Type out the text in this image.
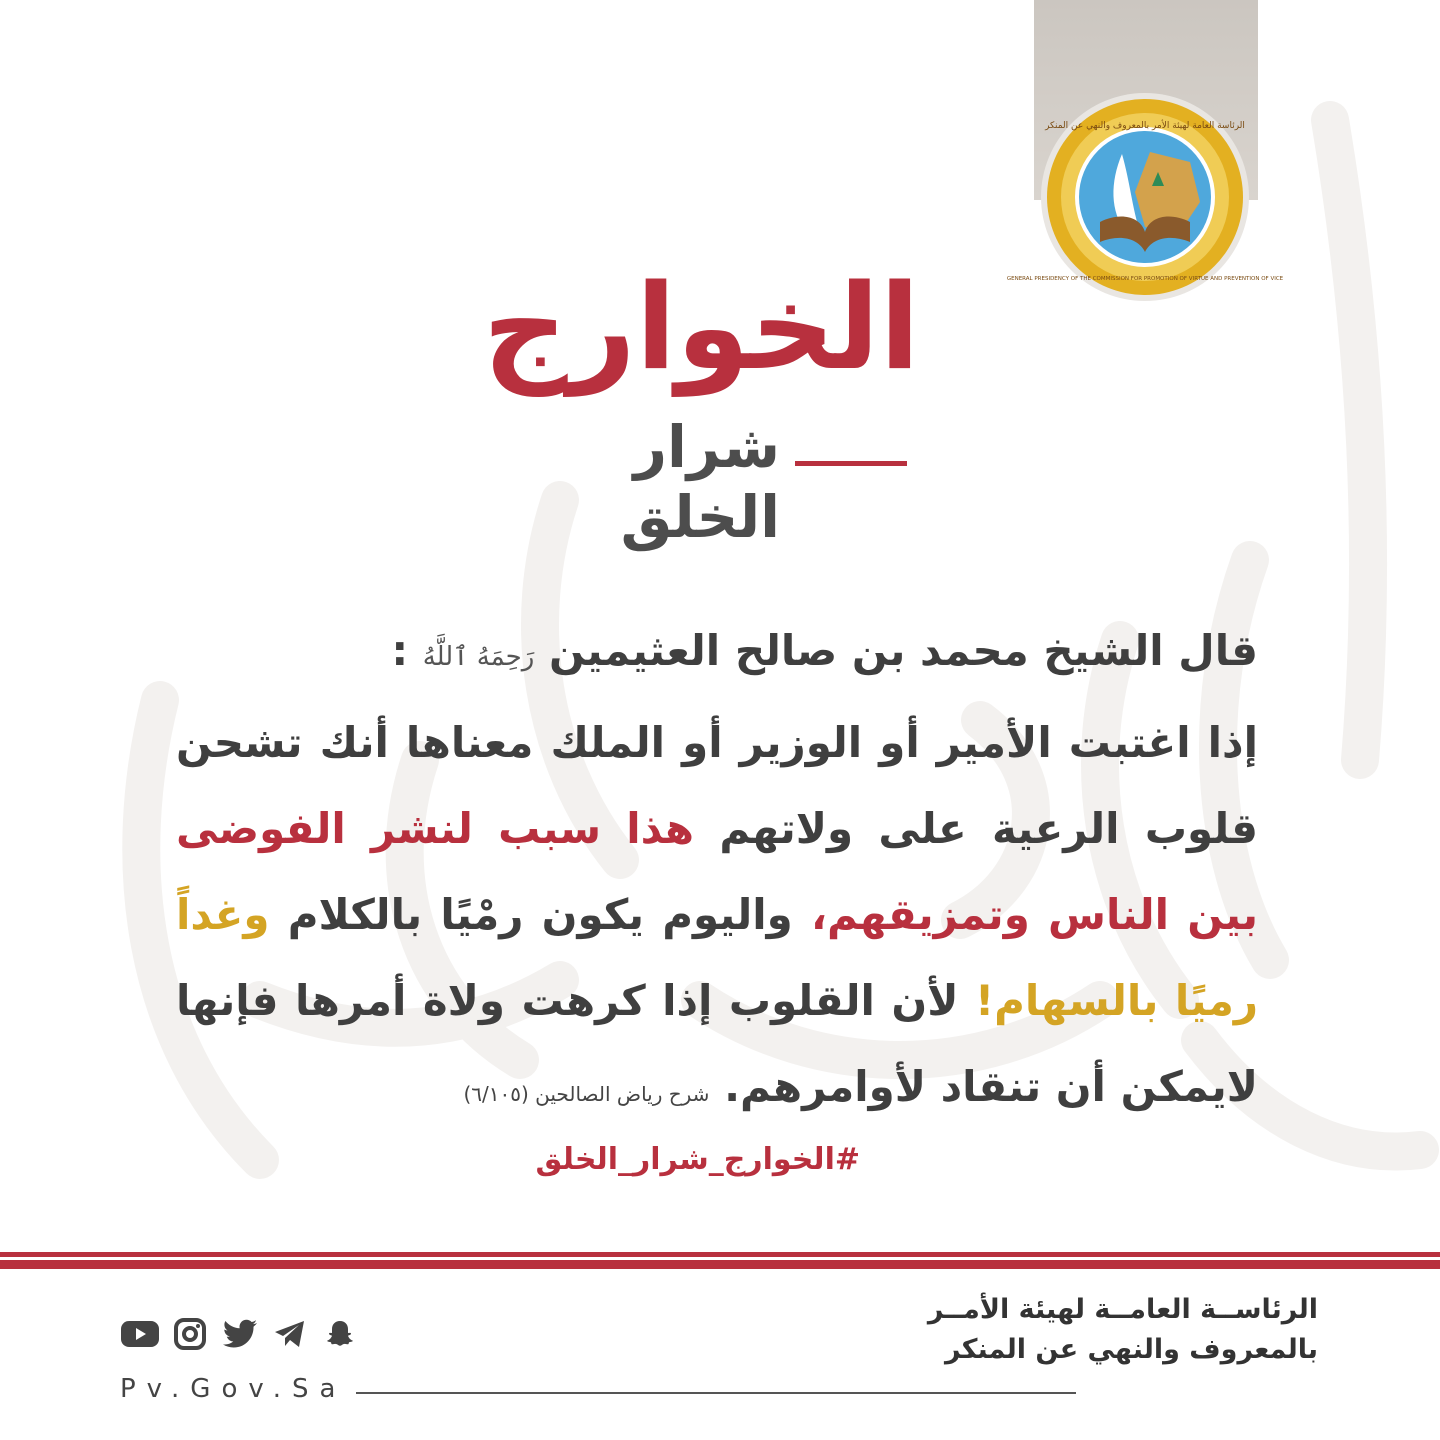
الرئاسة العامة لهيئة الأمر بالمعروف والنهي عن المنكر
GENERAL PRESIDENCY OF THE COMMISSION FOR PROMOTION OF VIRTUE AND PREVENTION OF VICE
الخوارج
شرار الخلق
قال الشيخ محمد بن صالح العثيمين رَحِمَهُ ٱللَّهُ :
إذا اغتبت الأمير أو الوزير أو الملك معناها أنك تشحن قلوب الرعية على ولاتهم هذا سبب لنشر الفوضى بين الناس وتمزيقهم، واليوم يكون رمْيًا بالكلام وغداً رميًا بالسهام! لأن القلوب إذا كرهت ولاة أمرها فإنها لايمكن أن تنقاد لأوامرهم. شرح رياض الصالحين (٦/١٠٥)
#الخوارج_شرار_الخلق
الرئاســة العامــة لهيئة الأمــر
بالمعروف والنهي عن المنكر
Pv.Gov.Sa
